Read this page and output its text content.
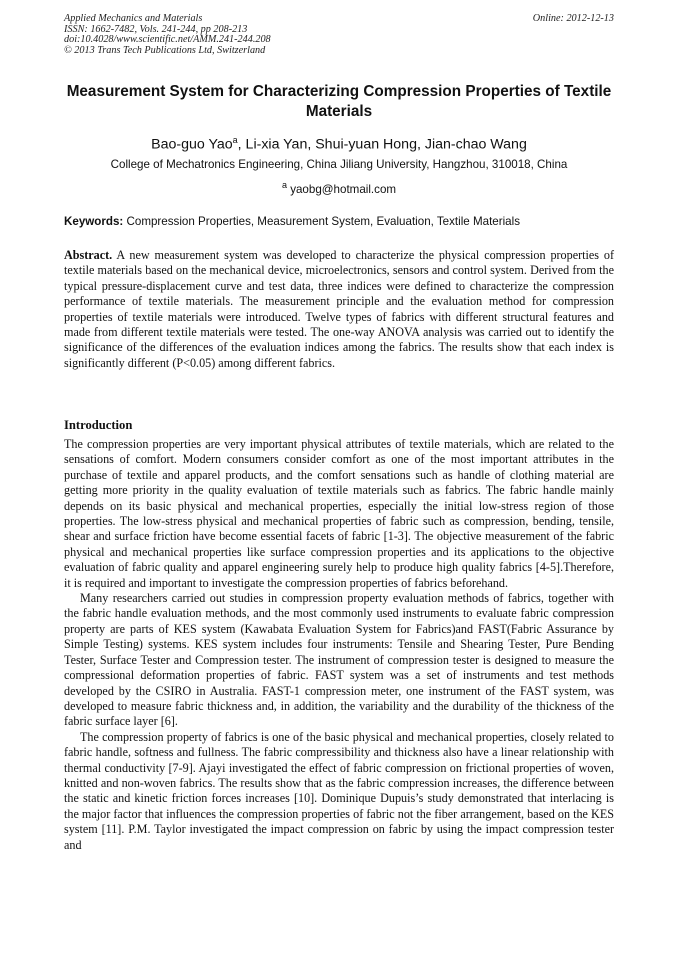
Applied Mechanics and Materials
ISSN: 1662-7482, Vols. 241-244, pp 208-213
doi:10.4028/www.scientific.net/AMM.241-244.208
© 2013 Trans Tech Publications Ltd, Switzerland
Online: 2012-12-13
Measurement System for Characterizing Compression Properties of Textile Materials
Bao-guo Yao$^a$, Li-xia Yan, Shui-yuan Hong, Jian-chao Wang
College of Mechatronics Engineering, China Jiliang University, Hangzhou, 310018, China
$^a$ yaobg@hotmail.com
Keywords: Compression Properties, Measurement System, Evaluation, Textile Materials
Abstract. A new measurement system was developed to characterize the physical compression properties of textile materials based on the mechanical device, microelectronics, sensors and control system. Derived from the typical pressure-displacement curve and test data, three indices were defined to characterize the compression performance of textile materials. The measurement principle and the evaluation method for compression properties of textile materials were introduced. Twelve types of fabrics with different structural features and made from different textile materials were tested. The one-way ANOVA analysis was carried out to identify the significance of the differences of the evaluation indices among the fabrics. The results show that each index is significantly different (P<0.05) among different fabrics.
Introduction

The compression properties are very important physical attributes of textile materials, which are related to the sensations of comfort. Modern consumers consider comfort as one of the most important attributes in the purchase of textile and apparel products, and the comfort sensations such as handle of clothing material are getting more priority in the quality evaluation of textile materials such as fabrics. The fabric handle mainly depends on its basic physical and mechanical properties, especially the initial low-stress region of those properties. The low-stress physical and mechanical properties of fabric such as compression, bending, tensile, shear and surface friction have become essential facets of fabric [1-3]. The objective measurement of the fabric physical and mechanical properties like surface compression properties and its applications to the objective evaluation of fabric quality and apparel engineering surely help to produce high quality fabrics [4-5].Therefore, it is required and important to investigate the compression properties of fabrics beforehand.

Many researchers carried out studies in compression property evaluation methods of fabrics, together with the fabric handle evaluation methods, and the most commonly used instruments to evaluate fabric compression property are parts of KES system (Kawabata Evaluation System for Fabrics)and FAST(Fabric Assurance by Simple Testing) systems. KES system includes four instruments: Tensile and Shearing Tester, Pure Bending Tester, Surface Tester and Compression tester. The instrument of compression tester is designed to measure the compressional deformation properties of fabric. FAST system was a set of instruments and test methods developed by the CSIRO in Australia. FAST-1 compression meter, one instrument of the FAST system, was developed to measure fabric thickness and, in addition, the variability and the durability of the thickness of the fabric surface layer [6].

The compression property of fabrics is one of the basic physical and mechanical properties, closely related to fabric handle, softness and fullness. The fabric compressibility and thickness also have a linear relationship with thermal conductivity [7-9]. Ajayi investigated the effect of fabric compression on frictional properties of woven, knitted and non-woven fabrics. The results show that as the fabric compression increases, the difference between the static and kinetic friction forces increases [10]. Dominique Dupuis’s study demonstrated that interlacing is the major factor that influences the compression properties of fabric not the fiber arrangement, based on the KES system [11]. P.M. Taylor investigated the impact compression on fabric by using the impact compression tester and
